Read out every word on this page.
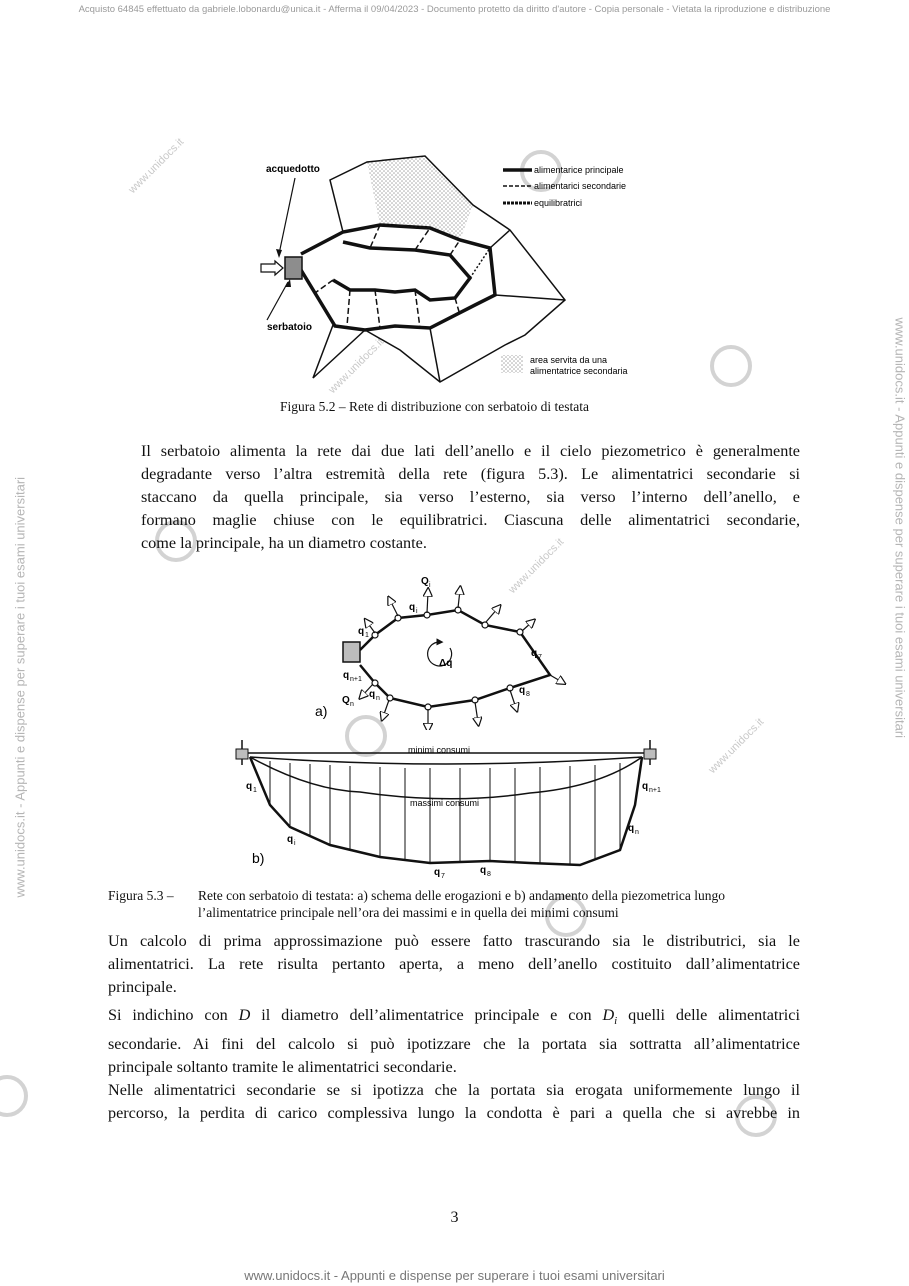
Acquisto 64845 effettuato da gabriele.lobonardu@unica.it - Afferma il 09/04/2023 - Documento protetto da diritto d'autore - Copia personale - Vietata la riproduzione e distribuzione
www.unidocs.it - Appunti e dispense per superare i tuoi esami universitari	www.unidocs.it - Appunti e dispense per superare i tuoi esami universitari
www.unidocs.it
www.unidocs.it
www.unidocs.it
www.unidocs.it
acquedotto
serbatoio
alimentarice principale
alimentarici secondarie
equilibratrici
area servita da una
alimentatrice secondaria
Figura 5.2 – Rete di distribuzione con serbatoio di testata
Il serbatoio alimenta la rete dai due lati dell’anello e il cielo piezometrico è generalmente
degradante verso l’altra estremità della rete (figura 5.3). Le alimentatrici secondarie si
staccano da quella principale, sia verso l’esterno, sia verso l’interno dell’anello, e
formano maglie chiuse con le equilibratrici. Ciascuna delle alimentatrici secondarie,
come la principale, ha un diametro costante.
Δq
Q i
q i
q 1
q 7
q 8
q n+1
q n
Q n
a)
minimi consumi
massimi consumi
q 1
q i
q 7
q 8
q n+1
q n
b)
Figura 5.3 – Rete con serbatoio di testata: a) schema delle erogazioni e b) andamento della piezometrica lungo
l’alimentatrice principale nell’ora dei massimi e in quella dei minimi consumi
Un calcolo di prima approssimazione può essere fatto trascurando sia le distributrici, sia le
alimentatrici. La rete risulta pertanto aperta, a meno dell’anello costituito dall’alimentatrice
principale.
Si indichino con D il diametro dell’alimentatrice principale e con $D_i$ quelli delle alimentatrici
secondarie. Ai fini del calcolo si può ipotizzare che la portata sia sottratta all’alimentatrice
principale soltanto tramite le alimentatrici secondarie.
Nelle alimentatrici secondarie se si ipotizza che la portata sia erogata uniformemente lungo il
percorso, la perdita di carico complessiva lungo la condotta è pari a quella che si avrebbe in
3
www.unidocs.it - Appunti e dispense per superare i tuoi esami universitari
